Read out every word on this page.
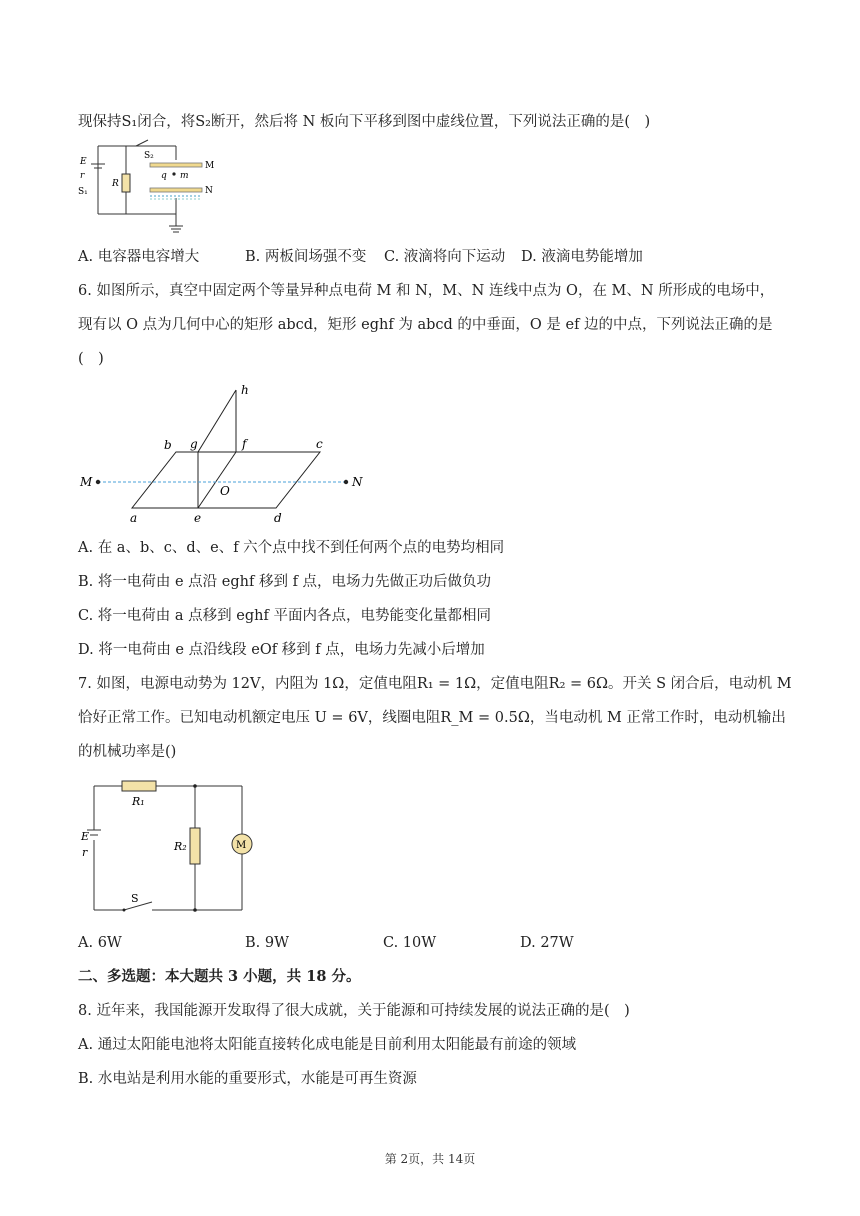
现保持S₁闭合，将S₂断开，然后将 N 板向下平移到图中虚线位置，下列说法正确的是(　)
E
r
S₁
R
S₂
M
N
q m
A. 电容器电容增大	B. 两板间场强不变 C. 液滴将向下运动 D. 液滴电势能增加
6. 如图所示，真空中固定两个等量异种点电荷 M 和 N，M、N 连线中点为 O，在 M、N 所形成的电场中，
现有以 O 点为几何中心的矩形 abcd，矩形 eghf 为 abcd 的中垂面，O 是 ef 边的中点，下列说法正确的是
(　)
h
b g	f	c
M	N
O
a	e	d
A. 在 a、b、c、d、e、f 六个点中找不到任何两个点的电势均相同
B. 将一电荷由 e 点沿 eghf 移到 f 点，电场力先做正功后做负功
C. 将一电荷由 a 点移到 eghf 平面内各点，电势能变化量都相同
D. 将一电荷由 e 点沿线段 eOf 移到 f 点，电场力先减小后增加
7. 如图，电源电动势为 12V，内阻为 1Ω，定值电阻R₁ = 1Ω，定值电阻R₂ = 6Ω。开关 S 闭合后，电动机 M
恰好正常工作。已知电动机额定电压 U = 6V，线圈电阻R_M = 0.5Ω，当电动机 M 正常工作时，电动机输出
的机械功率是()
R₁
R₂
E
r
S
M
A. 6W	B. 9W	C. 10W	D. 27W
二、多选题：本大题共 3 小题，共 18 分。
8. 近年来，我国能源开发取得了很大成就，关于能源和可持续发展的说法正确的是(　)
A. 通过太阳能电池将太阳能直接转化成电能是目前利用太阳能最有前途的领域
B. 水电站是利用水能的重要形式，水能是可再生资源
第 2页，共 14页
